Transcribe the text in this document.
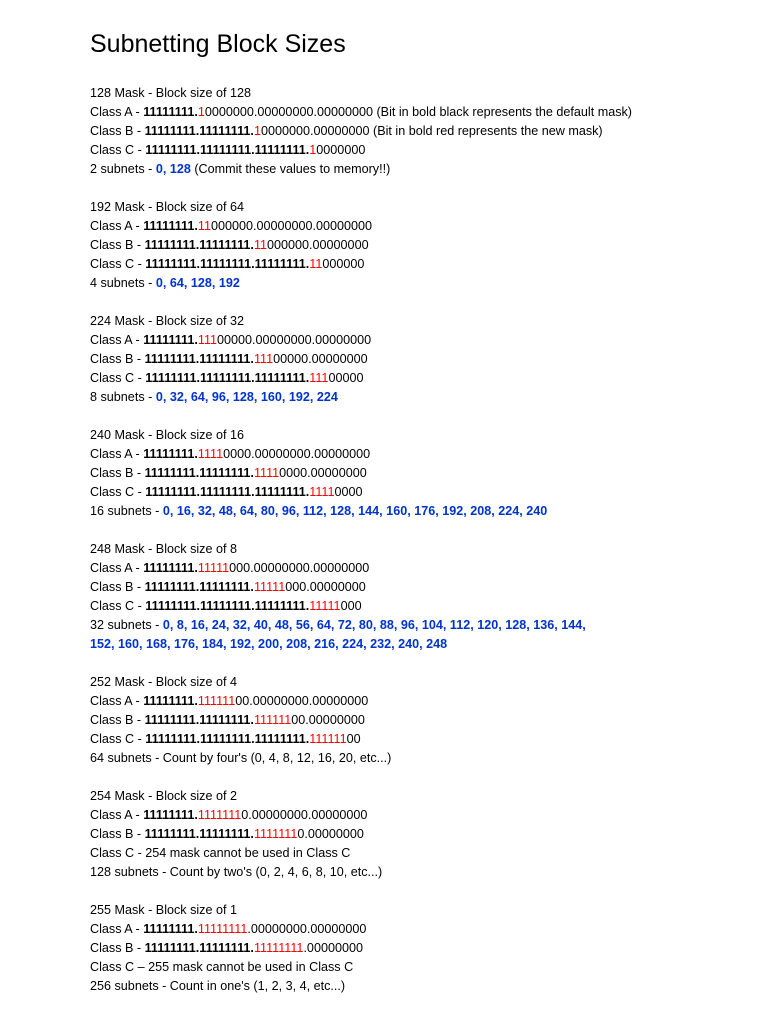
Subnetting Block Sizes
128 Mask - Block size of 128
Class A - 11111111.10000000.00000000.00000000 (Bit in bold black represents the default mask)
Class B - 11111111.11111111.10000000.00000000 (Bit in bold red represents the new mask)
Class C - 11111111.11111111.11111111.10000000
2 subnets - 0, 128 (Commit these values to memory!!)
192 Mask - Block size of 64
Class A - 11111111.11000000.00000000.00000000
Class B - 11111111.11111111.11000000.00000000
Class C - 11111111.11111111.11111111.11000000
4 subnets - 0, 64, 128, 192
224 Mask - Block size of 32
Class A - 11111111.11100000.00000000.00000000
Class B - 11111111.11111111.11100000.00000000
Class C - 11111111.11111111.11111111.11100000
8 subnets - 0, 32, 64, 96, 128, 160, 192, 224
240 Mask - Block size of 16
Class A - 11111111.11110000.00000000.00000000
Class B - 11111111.11111111.11110000.00000000
Class C - 11111111.11111111.11111111.11110000
16 subnets - 0, 16, 32, 48, 64, 80, 96, 112, 128, 144, 160, 176, 192, 208, 224, 240
248 Mask - Block size of 8
Class A - 11111111.11111000.00000000.00000000
Class B - 11111111.11111111.11111000.00000000
Class C - 11111111.11111111.11111111.11111000
32 subnets - 0, 8, 16, 24, 32, 40, 48, 56, 64, 72, 80, 88, 96, 104, 112, 120, 128, 136, 144, 152, 160, 168, 176, 184, 192, 200, 208, 216, 224, 232, 240, 248
252 Mask - Block size of 4
Class A - 11111111.11111100.00000000.00000000
Class B - 11111111.11111111.11111100.00000000
Class C - 11111111.11111111.11111111.11111100
64 subnets - Count by four's (0, 4, 8, 12, 16, 20, etc...)
254 Mask - Block size of 2
Class A - 11111111.11111110.00000000.00000000
Class B - 11111111.11111111.11111110.00000000
Class C - 254 mask cannot be used in Class C
128 subnets - Count by two's (0, 2, 4, 6, 8, 10, etc...)
255 Mask - Block size of 1
Class A - 11111111.11111111.00000000.00000000
Class B - 11111111.11111111.11111111.00000000
Class C – 255 mask cannot be used in Class C
256 subnets - Count in one's (1, 2, 3, 4, etc...)
